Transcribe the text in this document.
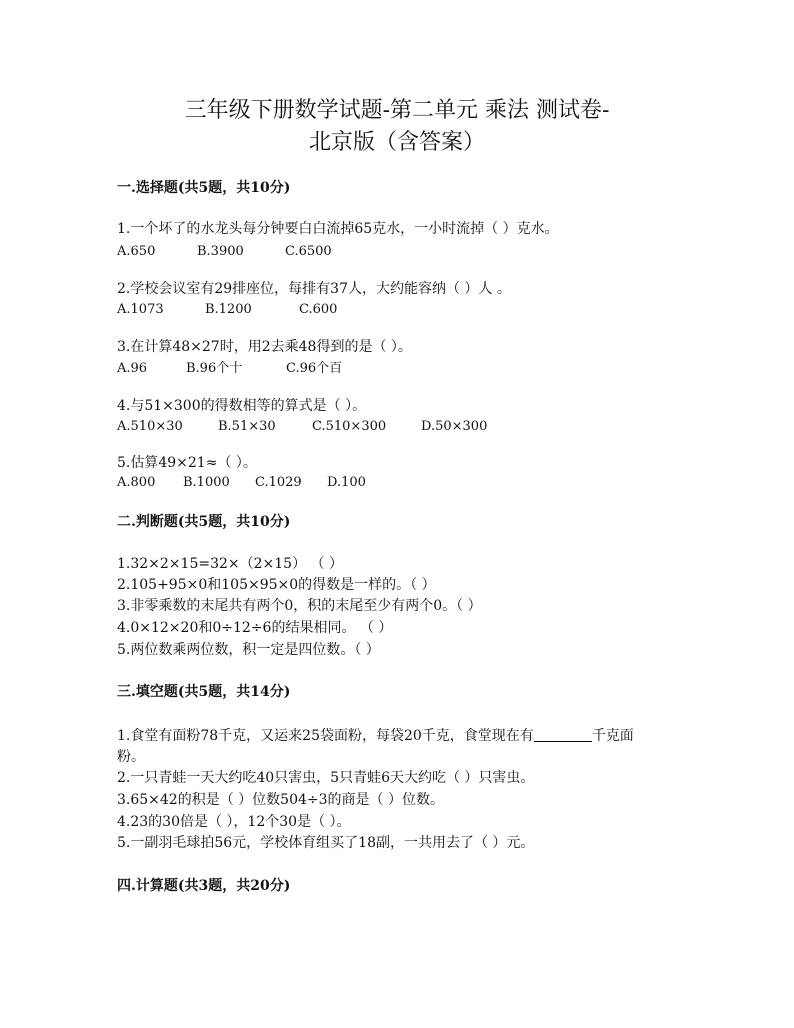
三年级下册数学试题-第二单元 乘法 测试卷-
北京版（含答案）
一.选择题(共5题，共10分)
1.一个坏了的水龙头每分钟要白白流掉65克水，一小时流掉（ ）克水。
A.650	B.3900	C.6500
2.学校会议室有29排座位，每排有37人，大约能容纳（ ）人 。
A.1073	B.1200	C.600
3.在计算48×27时，用2去乘48得到的是（ ）。
A.96	B.96个十	C.96个百
4.与51×300的得数相等的算式是（ ）。
A.510×30	B.51×30	C.510×300	D.50×300
5.估算49×21≈（ ）。
A.800 B.1000 C.1029 D.100
二.判断题(共5题，共10分)
1.32×2×15=32×（2×15） （ ）
2.105+95×0和105×95×0的得数是一样的。（ ）
3.非零乘数的末尾共有两个0，积的末尾至少有两个0。（ ）
4.0×12×20和0÷12÷6的结果相同。 （ ）
5.两位数乘两位数，积一定是四位数。（ ）
三.填空题(共5题，共14分)
1.食堂有面粉78千克，又运来25袋面粉，每袋20千克，食堂现在有	千克面
粉。
2.一只青蛙一天大约吃40只害虫，5只青蛙6天大约吃（ ）只害虫。
3.65×42的积是（ ）位数504÷3的商是（ ）位数。
4.23的30倍是（ ），12个30是（ ）。
5.一副羽毛球拍56元，学校体育组买了18副，一共用去了（ ）元。
四.计算题(共3题，共20分)
